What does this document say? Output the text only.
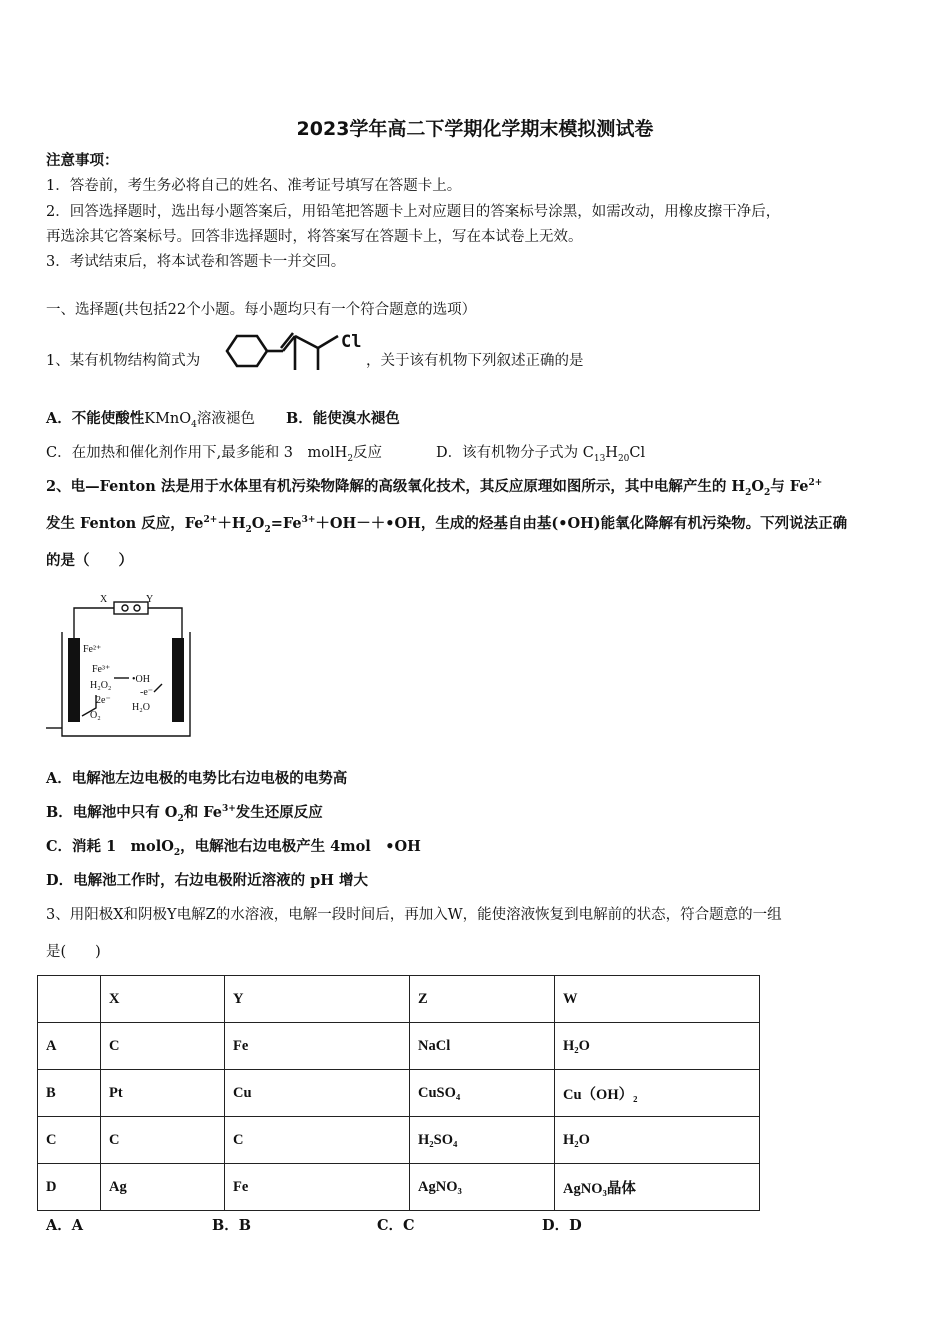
2023学年高二下学期化学期末模拟测试卷
注意事项：
1．答卷前，考生务必将自己的姓名、准考证号填写在答题卡上。
2．回答选择题时，选出每小题答案后，用铅笔把答题卡上对应题目的答案标号涂黑，如需改动，用橡皮擦干净后，
再选涂其它答案标号。回答非选择题时，将答案写在答题卡上，写在本试卷上无效。
3．考试结束后，将本试卷和答题卡一并交回。
一、选择题(共包括22个小题。每小题均只有一个符合题意的选项）
1、某有机物结构简式为
Cl
，关于该有机物下列叙述正确的是
A．不能使酸性KMnO$_4$溶液褪色 B．能使溴水褪色
C．在加热和催化剂作用下,最多能和 3　molH$_2$反应	D．该有机物分子式为 $C_{13}H_{20}Cl$
2、电—Fenton 法是用于水体里有机污染物降解的高级氧化技术，其反应原理如图所示，其中电解产生的 $H_2O_2$与 $Fe^{2+}$
发生 Fenton 反应，$Fe^{2+}+H_2O_2=Fe^{3+}+OH-+•OH$，生成的烃基自由基(•OH)能氧化降解有机污染物。下列说法正确
的是（　　）
X	Y
Fe²⁺
Fe³⁺
H₂O₂
2e⁻
O₂
•OH
-e⁻
H₂O
A．电解池左边电极的电势比右边电极的电势高
B．电解池中只有 $O_2$和 $Fe^{3+}$发生还原反应
C．消耗 1　molO$_2$，电解池右边电极产生 4mol　•OH
D．电解池工作时，右边电极附近溶液的 pH 增大
3、用阳极X和阴极Y电解Z的水溶液，电解一段时间后，再加入W，能使溶液恢复到电解前的状态，符合题意的一组
是(　　)
	X	Y	Z	W
A	C	Fe	NaCl	H₂O
B	Pt	Cu	CuSO₄	Cu（OH）₂
C	C	C	H₂SO₄	H₂O
D	Ag	Fe	AgNO₃	AgNO₃晶体
A．A	B．B	C．C	D．D
